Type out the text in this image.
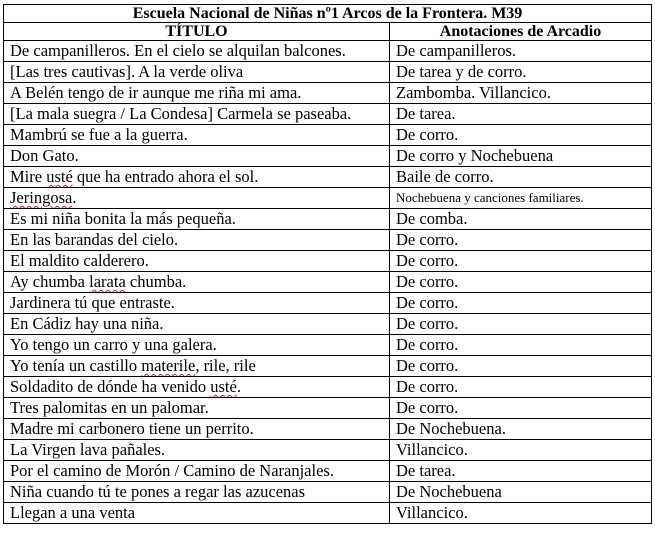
Escuela Nacional de Niñas nº1 Arcos de la Frontera. M39	
TÍTULO	Anotaciones de Arcadio
De campanilleros. En el cielo se alquilan balcones.	De campanilleros.
[Las tres cautivas]. A la verde oliva	De tarea y de corro.
A Belén tengo de ir aunque me riña mi ama.	Zambomba. Villancico.
[La mala suegra / La Condesa] Carmela se paseaba.	De tarea.
Mambrú se fue a la guerra.	De corro.
Don Gato.	De corro y Nochebuena
Mire usté que ha entrado ahora el sol.	Baile de corro.
Jeringosa.	Nochebuena y canciones familiares.
Es mi niña bonita la más pequeña.	De comba.
En las barandas del cielo.	De corro.
El maldito calderero.	De corro.
Ay chumba larata chumba.	De corro.
Jardinera tú que entraste.	De corro.
En Cádiz hay una niña.	De corro.
Yo tengo un carro y una galera.	De corro.
Yo tenía un castillo materile, rile, rile	De corro.
Soldadito de dónde ha venido usté.	De corro.
Tres palomitas en un palomar.	De corro.
Madre mi carbonero tiene un perrito.	De Nochebuena.
La Virgen lava pañales.	Villancico.
Por el camino de Morón / Camino de Naranjales.	De tarea.
Niña cuando tú te pones a regar las azucenas	De Nochebuena
Llegan a una venta	Villancico.
